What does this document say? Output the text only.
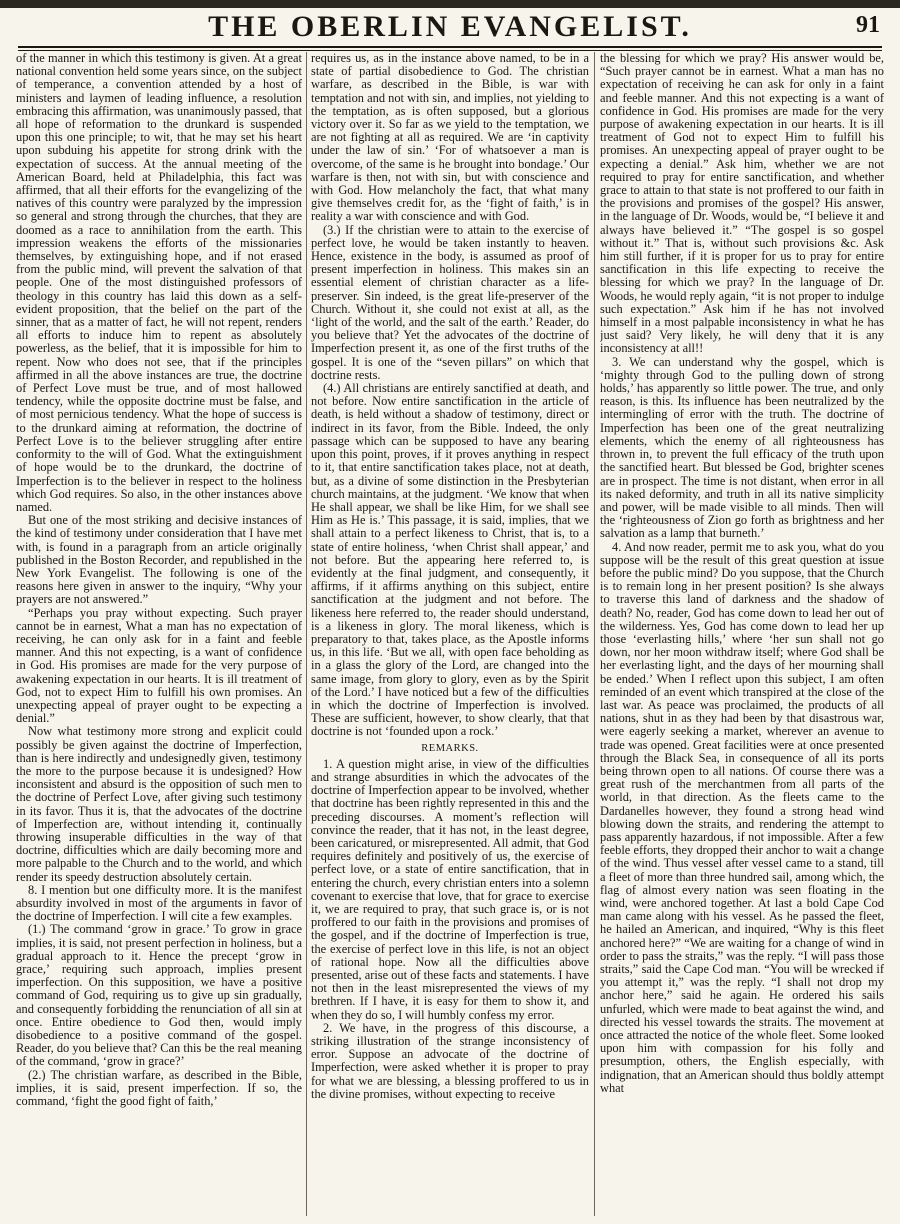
THE OBERLIN EVANGELIST.	91

of the manner in which this testimony is given. At a great national convention held some years since, on the subject of temperance, a convention attended by a host of ministers and laymen of leading influence, a resolution embracing this affirmation, was unanimously passed, that all hope of reformation to the drunkard is suspended upon this one principle; to wit, that he may set his heart upon subduing his appetite for strong drink with the expectation of success. At the annual meeting of the American Board, held at Philadelphia, this fact was affirmed, that all their efforts for the evangelizing of the natives of this country were paralyzed by the impression so general and strong through the churches, that they are doomed as a race to annihilation from the earth. This impression weakens the efforts of the missionaries themselves, by extinguishing hope, and if not erased from the public mind, will prevent the salvation of that people. One of the most distinguished professors of theology in this country has laid this down as a self-evident proposition, that the belief on the part of the sinner, that as a matter of fact, he will not repent, renders all efforts to induce him to repent as absolutely powerless, as the belief, that it is impossible for him to repent. Now who does not see, that if the principles affirmed in all the above instances are true, the doctrine of Perfect Love must be true, and of most hallowed tendency, while the opposite doctrine must be false, and of most pernicious tendency. What the hope of success is to the drunkard aiming at reformation, the doctrine of Perfect Love is to the believer struggling after entire conformity to the will of God. What the extinguishment of hope would be to the drunkard, the doctrine of Imperfection is to the believer in respect to the holiness which God requires. So also, in the other instances above named.

But one of the most striking and decisive instances of the kind of testimony under consideration that I have met with, is found in a paragraph from an article originally published in the Boston Recorder, and republished in the New York Evangelist. The following is one of the reasons here given in answer to the inquiry, “Why your prayers are not answered.”

“Perhaps you pray without expecting. Such prayer cannot be in earnest, What a man has no expectation of receiving, he can only ask for in a faint and feeble manner. And this not expecting, is a want of confidence in God. His promises are made for the very purpose of awakening expectation in our hearts. It is ill treatment of God, not to expect Him to fulfill his own promises. An unexpecting appeal of prayer ought to be expecting a denial.”

Now what testimony more strong and explicit could possibly be given against the doctrine of Imperfection, than is here indirectly and undesignedly given, testimony the more to the purpose because it is undesigned? How inconsistent and absurd is the opposition of such men to the doctrine of Perfect Love, after giving such testimony in its favor. Thus it is, that the advocates of the doctrine of Imperfection are, without intending it, continually throwing insuperable difficulties in the way of that doctrine, difficulties which are daily becoming more and more palpable to the Church and to the world, and which render its speedy destruction absolutely certain.

8. I mention but one difficulty more. It is the manifest absurdity involved in most of the arguments in favor of the doctrine of Imperfection. I will cite a few examples.

(1.) The command ‘grow in grace.’ To grow in grace implies, it is said, not present perfection in holiness, but a gradual approach to it. Hence the precept ‘grow in grace,’ requiring such approach, implies present imperfection. On this supposition, we have a positive command of God, requiring us to give up sin gradually, and consequently forbidding the renunciation of all sin at once. Entire obedience to God then, would imply disobedience to a positive command of the gospel. Reader, do you believe that? Can this be the real meaning of the command, ‘grow in grace?’

(2.) The christian warfare, as described in the Bible, implies, it is said, present imperfection. If so, the command, ‘fight the good fight of faith,’

requires us, as in the instance above named, to be in a state of partial disobedience to God. The christian warfare, as described in the Bible, is war with temptation and not with sin, and implies, not yielding to the temptation, as is often supposed, but a glorious victory over it. So far as we yield to the temptation, we are not fighting at all as required. We are ‘in captivity under the law of sin.’ ‘For of whatsoever a man is overcome, of the same is he brought into bondage.’ Our warfare is then, not with sin, but with conscience and with God. How melancholy the fact, that what many give themselves credit for, as the ‘fight of faith,’ is in reality a war with conscience and with God.

(3.) If the christian were to attain to the exercise of perfect love, he would be taken instantly to heaven. Hence, existence in the body, is assumed as proof of present imperfection in holiness. This makes sin an essential element of christian character as a life-preserver. Sin indeed, is the great life-preserver of the Church. Without it, she could not exist at all, as the ‘light of the world, and the salt of the earth.’ Reader, do you believe that? Yet the advocates of the doctrine of Imperfection present it, as one of the first truths of the gospel. It is one of the “seven pillars” on which that doctrine rests.

(4.) All christians are entirely sanctified at death, and not before. Now entire sanctification in the article of death, is held without a shadow of testimony, direct or indirect in its favor, from the Bible. Indeed, the only passage which can be supposed to have any bearing upon this point, proves, if it proves anything in respect to it, that entire sanctification takes place, not at death, but, as a divine of some distinction in the Presbyterian church maintains, at the judgment. ‘We know that when He shall appear, we shall be like Him, for we shall see Him as He is.’ This passage, it is said, implies, that we shall attain to a perfect likeness to Christ, that is, to a state of entire holiness, ‘when Christ shall appear,’ and not before. But the appearing here referred to, is evidently at the final judgment, and consequently, it affirms, if it affirms anything on this subject, entire sanctification at the judgment and not before. The likeness here referred to, the reader should understand, is a likeness in glory. The moral likeness, which is preparatory to that, takes place, as the Apostle informs us, in this life. ‘But we all, with open face beholding as in a glass the glory of the Lord, are changed into the same image, from glory to glory, even as by the Spirit of the Lord.’ I have noticed but a few of the difficulties in which the doctrine of Imperfection is involved. These are sufficient, however, to show clearly, that that doctrine is not ‘founded upon a rock.’

REMARKS.

1. A question might arise, in view of the difficulties and strange absurdities in which the advocates of the doctrine of Imperfection appear to be involved, whether that doctrine has been rightly represented in this and the preceding discourses. A moment’s reflection will convince the reader, that it has not, in the least degree, been caricatured, or misrepresented. All admit, that God requires definitely and positively of us, the exercise of perfect love, or a state of entire sanctification, that in entering the church, every christian enters into a solemn covenant to exercise that love, that for grace to exercise it, we are required to pray, that such grace is, or is not proffered to our faith in the provisions and promises of the gospel, and if the doctrine of Imperfection is true, the exercise of perfect love in this life, is not an object of rational hope. Now all the difficulties above presented, arise out of these facts and statements. I have not then in the least misrepresented the views of my brethren. If I have, it is easy for them to show it, and when they do so, I will humbly confess my error.

2. We have, in the progress of this discourse, a striking illustration of the strange inconsistency of error. Suppose an advocate of the doctrine of Imperfection, were asked whether it is proper to pray for what we are blessing, a blessing proffered to us in the divine promises, without expecting to receive

the blessing for which we pray? His answer would be, “Such prayer cannot be in earnest. What a man has no expectation of receiving he can ask for only in a faint and feeble manner. And this not expecting is a want of confidence in God. His promises are made for the very purpose of awakening expectation in our hearts. It is ill treatment of God not to expect Him to fulfill his promises. An unexpecting appeal of prayer ought to be expecting a denial.” Ask him, whether we are not required to pray for entire sanctification, and whether grace to attain to that state is not proffered to our faith in the provisions and promises of the gospel? His answer, in the language of Dr. Woods, would be, “I believe it and always have believed it.” “The gospel is so gospel without it.” That is, without such provisions &c. Ask him still further, if it is proper for us to pray for entire sanctification in this life expecting to receive the blessing for which we pray? In the language of Dr. Woods, he would reply again, “it is not proper to indulge such expectation.” Ask him if he has not involved himself in a most palpable inconsistency in what he has just said? Very likely, he will deny that it is any inconsistency at all!!

3. We can understand why the gospel, which is ‘mighty through God to the pulling down of strong holds,’ has apparently so little power. The true, and only reason, is this. Its influence has been neutralized by the intermingling of error with the truth. The doctrine of Imperfection has been one of the great neutralizing elements, which the enemy of all righteousness has thrown in, to prevent the full efficacy of the truth upon the sanctified heart. But blessed be God, brighter scenes are in prospect. The time is not distant, when error in all its naked deformity, and truth in all its native simplicity and power, will be made visible to all minds. Then will the ‘righteousness of Zion go forth as brightness and her salvation as a lamp that burneth.’

4. And now reader, permit me to ask you, what do you suppose will be the result of this great question at issue before the public mind? Do you suppose, that the Church is to remain long in her present position? Is she always to traverse this land of darkness and the shadow of death? No, reader, God has come down to lead her out of the wilderness. Yes, God has come down to lead her up those ‘everlasting hills,’ where ‘her sun shall not go down, nor her moon withdraw itself; where God shall be her everlasting light, and the days of her mourning shall be ended.’ When I reflect upon this subject, I am often reminded of an event which transpired at the close of the last war. As peace was proclaimed, the products of all nations, shut in as they had been by that disastrous war, were eagerly seeking a market, wherever an avenue to trade was opened. Great facilities were at once presented through the Black Sea, in consequence of all its ports being thrown open to all nations. Of course there was a great rush of the merchantmen from all parts of the world, in that direction. As the fleets came to the Dardanelles however, they found a strong head wind blowing down the straits, and rendering the attempt to pass apparently hazardous, if not impossible. After a few feeble efforts, they dropped their anchor to wait a change of the wind. Thus vessel after vessel came to a stand, till a fleet of more than three hundred sail, among which, the flag of almost every nation was seen floating in the wind, were anchored together. At last a bold Cape Cod man came along with his vessel. As he passed the fleet, he hailed an American, and inquired, “Why is this fleet anchored here?” “We are waiting for a change of wind in order to pass the straits,” was the reply. “I will pass those straits,” said the Cape Cod man. “You will be wrecked if you attempt it,” was the reply. “I shall not drop my anchor here,” said he again. He ordered his sails unfurled, which were made to beat against the wind, and directed his vessel towards the straits. The movement at once attracted the notice of the whole fleet. Some looked upon him with compassion for his folly and presumption, others, the English especially, with indignation, that an American should thus boldly attempt what
